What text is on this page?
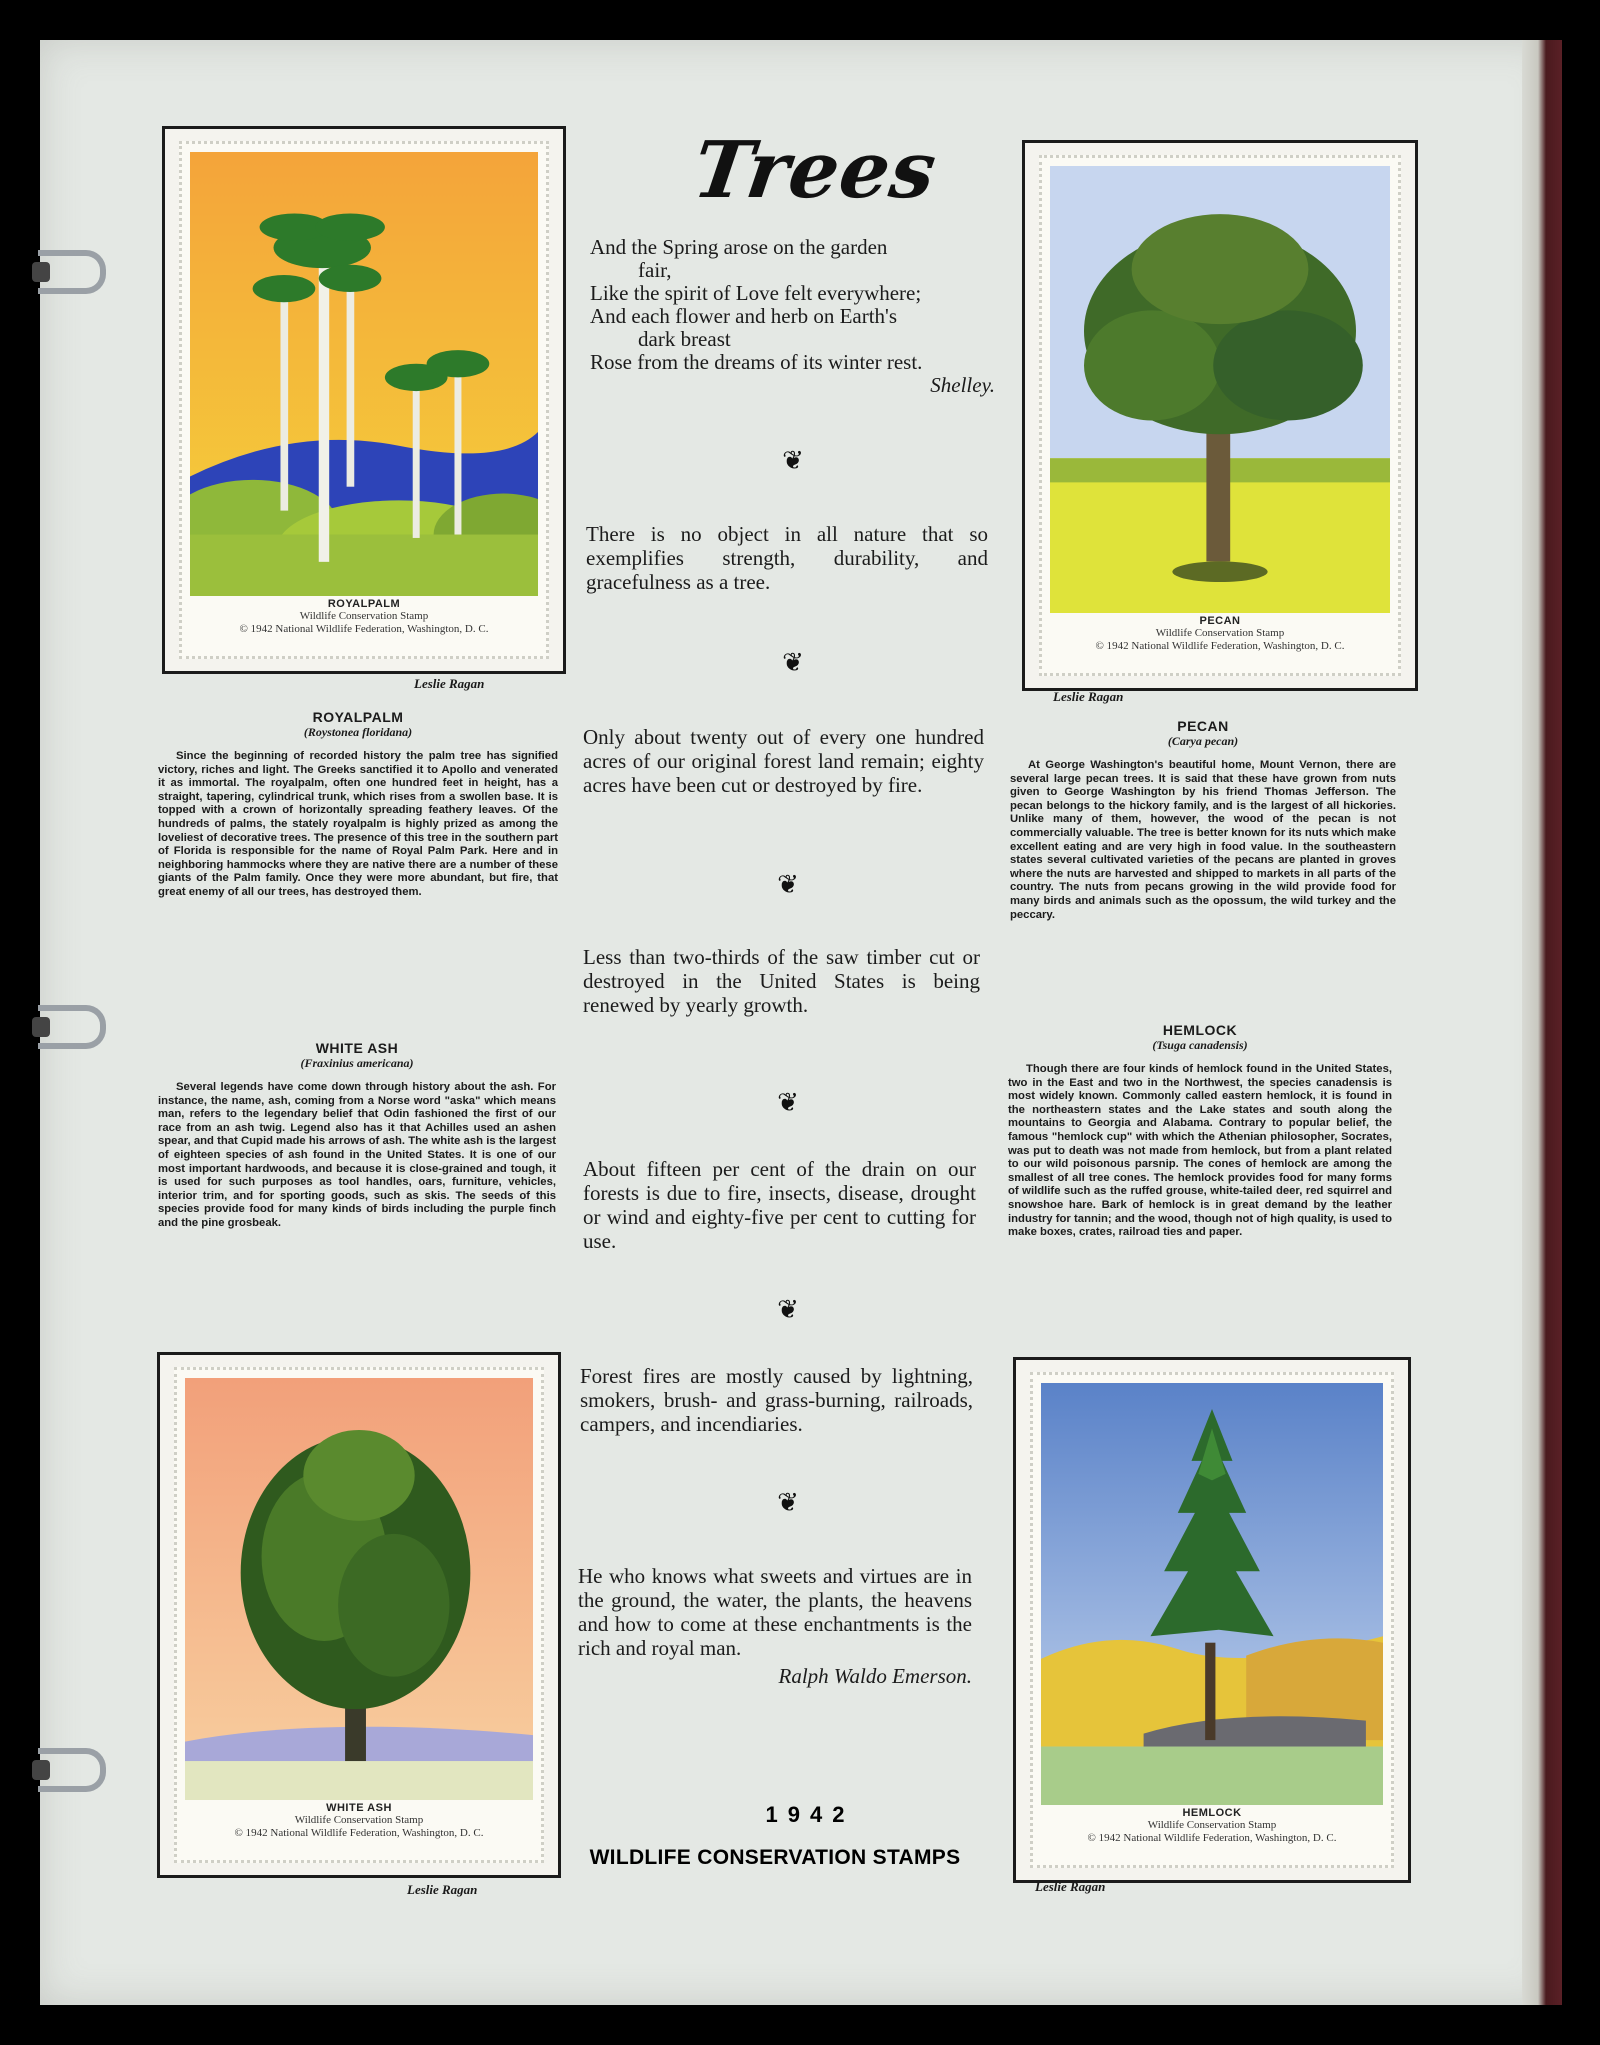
Trees
And the Spring arose on the garden
fair,
Like the spirit of Love felt everywhere;
And each flower and herb on Earth's
dark breast
Rose from the dreams of its winter rest.
Shelley.
❦
❦
❦
❦
❦
❦
There is no object in all nature that so exemplifies strength, durability, and gracefulness as a tree.
Only about twenty out of every one hundred acres of our original forest land remain; eighty acres have been cut or destroyed by fire.
Less than two-thirds of the saw timber cut or destroyed in the United States is being renewed by yearly growth.
About fifteen per cent of the drain on our forests is due to fire, insects, disease, drought or wind and eighty-five per cent to cutting for use.
Forest fires are mostly caused by lightning, smokers, brush- and grass-burning, railroads, campers, and incendiaries.
He who knows what sweets and virtues are in the ground, the water, the plants, the heavens and how to come at these enchantments is the rich and royal man.
Ralph Waldo Emerson.
ROYALPALM
Wildlife Conservation Stamp
© 1942 National Wildlife Federation, Washington, D. C.
Leslie Ragan
PECAN
Wildlife Conservation Stamp
© 1942 National Wildlife Federation, Washington, D. C.
Leslie Ragan
WHITE ASH
Wildlife Conservation Stamp
© 1942 National Wildlife Federation, Washington, D. C.
Leslie Ragan
HEMLOCK
Wildlife Conservation Stamp
© 1942 National Wildlife Federation, Washington, D. C.
Leslie Ragan
ROYALPALM
(Roystonea floridana)
Since the beginning of recorded history the palm tree has signified victory, riches and light. The Greeks sanctified it to Apollo and venerated it as immortal. The royalpalm, often one hundred feet in height, has a straight, tapering, cylindrical trunk, which rises from a swollen base. It is topped with a crown of horizontally spreading feathery leaves. Of the hundreds of palms, the stately royalpalm is highly prized as among the loveliest of decorative trees. The presence of this tree in the southern part of Florida is responsible for the name of Royal Palm Park. Here and in neighboring hammocks where they are native there are a number of these giants of the Palm family. Once they were more abundant, but fire, that great enemy of all our trees, has destroyed them.
WHITE ASH
(Fraxinius americana)
Several legends have come down through history about the ash. For instance, the name, ash, coming from a Norse word "aska" which means man, refers to the legendary belief that Odin fashioned the first of our race from an ash twig. Legend also has it that Achilles used an ashen spear, and that Cupid made his arrows of ash. The white ash is the largest of eighteen species of ash found in the United States. It is one of our most important hardwoods, and because it is close-grained and tough, it is used for such purposes as tool handles, oars, furniture, vehicles, interior trim, and for sporting goods, such as skis. The seeds of this species provide food for many kinds of birds including the purple finch and the pine grosbeak.
PECAN
(Carya pecan)
At George Washington's beautiful home, Mount Vernon, there are several large pecan trees. It is said that these have grown from nuts given to George Washington by his friend Thomas Jefferson. The pecan belongs to the hickory family, and is the largest of all hickories. Unlike many of them, however, the wood of the pecan is not commercially valuable. The tree is better known for its nuts which make excellent eating and are very high in food value. In the southeastern states several cultivated varieties of the pecans are planted in groves where the nuts are harvested and shipped to markets in all parts of the country. The nuts from pecans growing in the wild provide food for many birds and animals such as the opossum, the wild turkey and the peccary.
HEMLOCK
(Tsuga canadensis)
Though there are four kinds of hemlock found in the United States, two in the East and two in the Northwest, the species canadensis is most widely known. Commonly called eastern hemlock, it is found in the northeastern states and the Lake states and south along the mountains to Georgia and Alabama. Contrary to popular belief, the famous "hemlock cup" with which the Athenian philosopher, Socrates, was put to death was not made from hemlock, but from a plant related to our wild poisonous parsnip. The cones of hemlock are among the smallest of all tree cones. The hemlock provides food for many forms of wildlife such as the ruffed grouse, white-tailed deer, red squirrel and snowshoe hare. Bark of hemlock is in great demand by the leather industry for tannin; and the wood, though not of high quality, is used to make boxes, crates, railroad ties and paper.
1942
WILDLIFE CONSERVATION STAMPS
